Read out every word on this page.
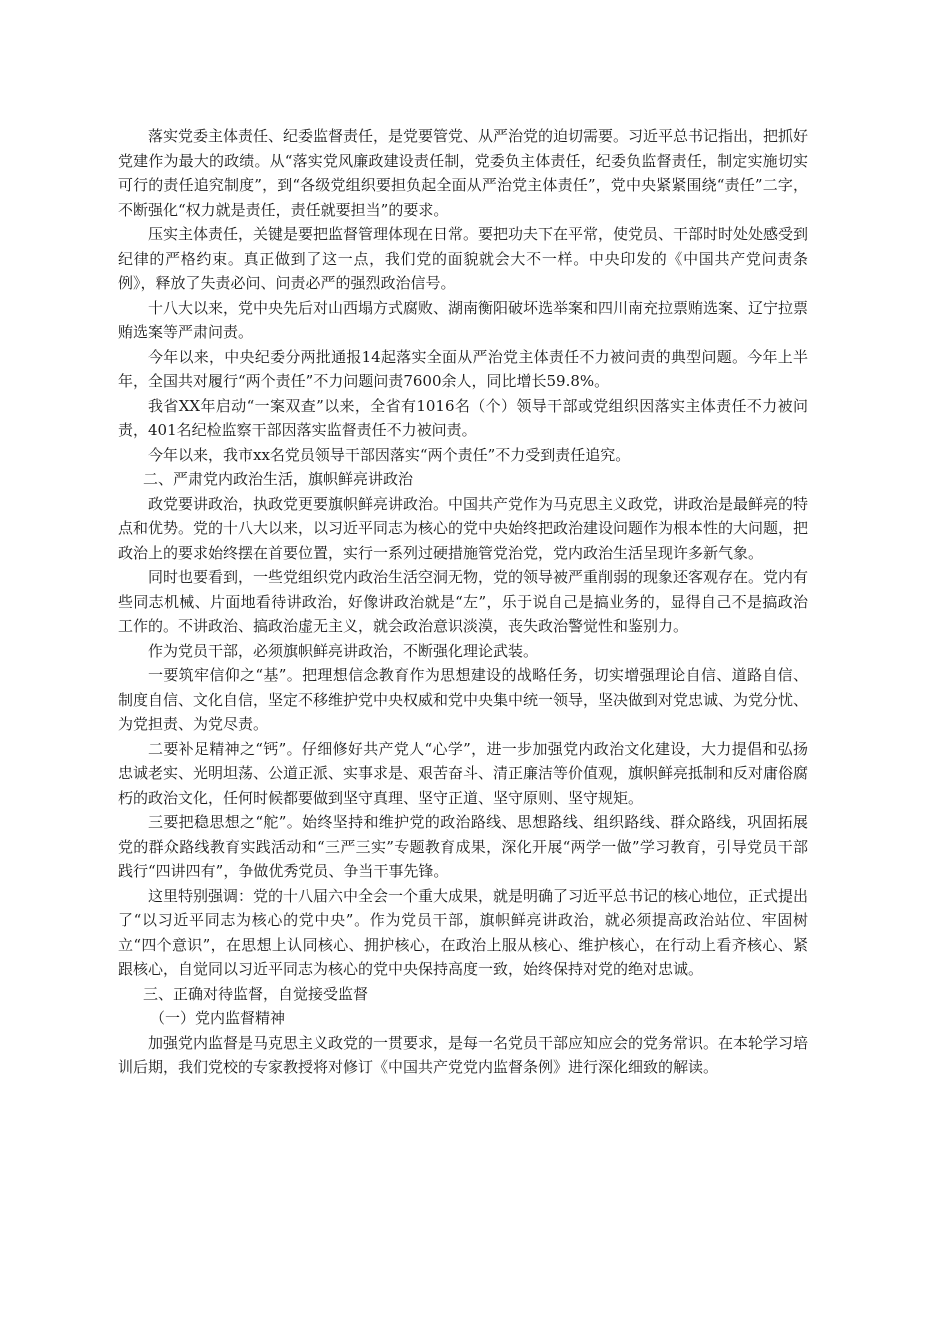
落实党委主体责任、纪委监督责任，是党要管党、从严治党的迫切需要。习近平总书记指出，把抓好党建作为最大的政绩。从“落实党风廉政建设责任制，党委负主体责任，纪委负监督责任，制定实施切实可行的责任追究制度”，到“各级党组织要担负起全面从严治党主体责任”，党中央紧紧围绕“责任”二字，不断强化“权力就是责任，责任就要担当”的要求。

压实主体责任，关键是要把监督管理体现在日常。要把功夫下在平常，使党员、干部时时处处感受到纪律的严格约束。真正做到了这一点，我们党的面貌就会大不一样。中央印发的《中国共产党问责条例》，释放了失责必问、问责必严的强烈政治信号。

十八大以来，党中央先后对山西塌方式腐败、湖南衡阳破坏选举案和四川南充拉票贿选案、辽宁拉票贿选案等严肃问责。

今年以来，中央纪委分两批通报14起落实全面从严治党主体责任不力被问责的典型问题。今年上半年，全国共对履行“两个责任”不力问题问责7600余人，同比增长59.8%。

我省XX年启动“一案双查”以来，全省有1016名（个）领导干部或党组织因落实主体责任不力被问责，401名纪检监察干部因落实监督责任不力被问责。

今年以来，我市xx名党员领导干部因落实“两个责任”不力受到责任追究。

二、严肃党内政治生活，旗帜鲜亮讲政治

政党要讲政治，执政党更要旗帜鲜亮讲政治。中国共产党作为马克思主义政党，讲政治是最鲜亮的特点和优势。党的十八大以来，以习近平同志为核心的党中央始终把政治建设问题作为根本性的大问题，把政治上的要求始终摆在首要位置，实行一系列过硬措施管党治党，党内政治生活呈现许多新气象。

同时也要看到，一些党组织党内政治生活空洞无物，党的领导被严重削弱的现象还客观存在。党内有些同志机械、片面地看待讲政治，好像讲政治就是“左”，乐于说自己是搞业务的，显得自己不是搞政治工作的。不讲政治、搞政治虚无主义，就会政治意识淡漠，丧失政治警觉性和鉴别力。

作为党员干部，必须旗帜鲜亮讲政治，不断强化理论武装。

一要筑牢信仰之“基”。把理想信念教育作为思想建设的战略任务，切实增强理论自信、道路自信、制度自信、文化自信，坚定不移维护党中央权威和党中央集中统一领导，坚决做到对党忠诚、为党分忧、为党担责、为党尽责。

二要补足精神之“钙”。仔细修好共产党人“心学”，进一步加强党内政治文化建设，大力提倡和弘扬忠诚老实、光明坦荡、公道正派、实事求是、艰苦奋斗、清正廉洁等价值观，旗帜鲜亮抵制和反对庸俗腐朽的政治文化，任何时候都要做到坚守真理、坚守正道、坚守原则、坚守规矩。

三要把稳思想之“舵”。始终坚持和维护党的政治路线、思想路线、组织路线、群众路线，巩固拓展党的群众路线教育实践活动和“三严三实”专题教育成果，深化开展“两学一做”学习教育，引导党员干部践行“四讲四有”，争做优秀党员、争当干事先锋。

这里特别强调：党的十八届六中全会一个重大成果，就是明确了习近平总书记的核心地位，正式提出了“以习近平同志为核心的党中央”。作为党员干部，旗帜鲜亮讲政治，就必须提高政治站位、牢固树立“四个意识”，在思想上认同核心、拥护核心，在政治上服从核心、维护核心，在行动上看齐核心、紧跟核心，自觉同以习近平同志为核心的党中央保持高度一致，始终保持对党的绝对忠诚。

三、正确对待监督，自觉接受监督

（一）党内监督精神

加强党内监督是马克思主义政党的一贯要求，是每一名党员干部应知应会的党务常识。在本轮学习培训后期，我们党校的专家教授将对修订《中国共产党党内监督条例》进行深化细致的解读。
